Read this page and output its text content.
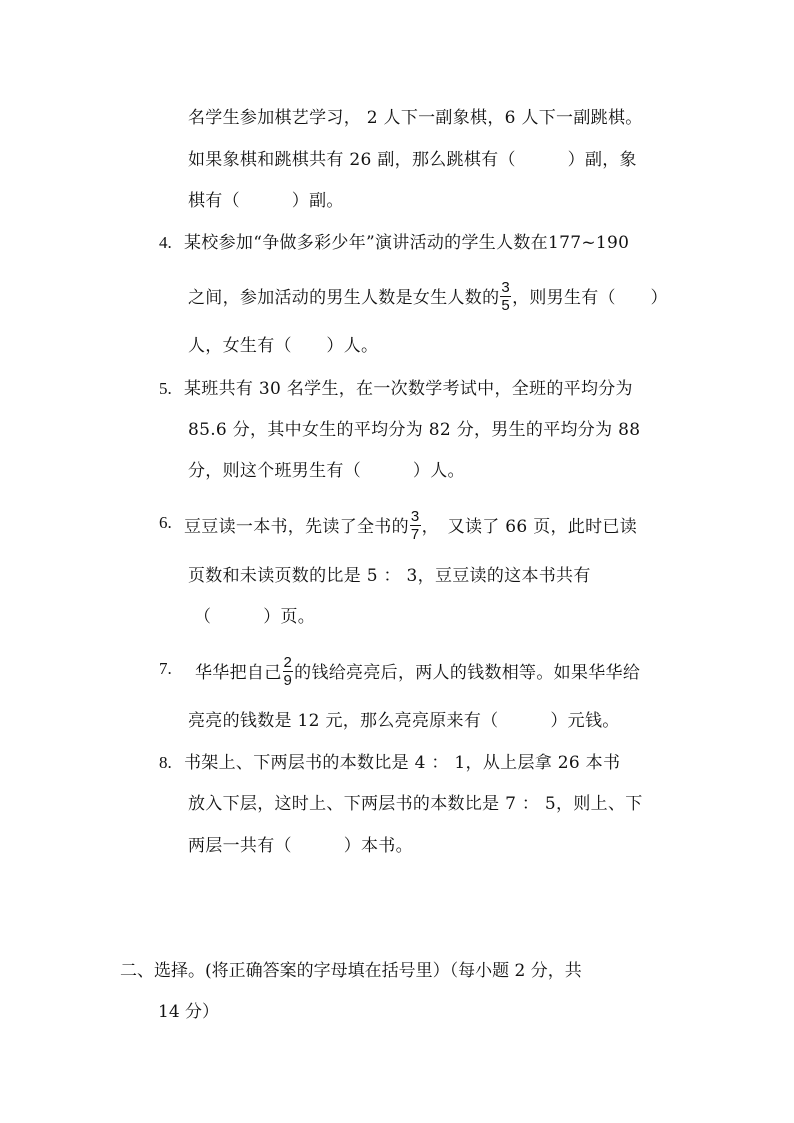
名学生参加棋艺学习， 2 人下一副象棋，6 人下一副跳棋。
如果象棋和跳棋共有 26 副，那么跳棋有（　　　）副，象
棋有（　　　）副。
4. 某校参加“争做多彩少年”演讲活动的学生人数在177~190
之间，参加活动的男生人数是女生人数的 $\frac{3}{5}$ ，则男生有（　　）
人，女生有（　　）人。
5. 某班共有 30 名学生，在一次数学考试中，全班的平均分为
85.6 分，其中女生的平均分为 82 分，男生的平均分为 88
分，则这个班男生有（　　　）人。
6. 豆豆读一本书，先读了全书的 $\frac{3}{7}$ ，　又读了 66 页，此时已读
页数和未读页数的比是 5 ： 3，豆豆读的这本书共有
（　　　）页。
7. 华华把自己 $\frac{2}{9}$ 的钱给亮亮后，两人的钱数相等。如果华华给
亮亮的钱数是 12 元，那么亮亮原来有（　　　）元钱。
8. 书架上、下两层书的本数比是 4 ： 1，从上层拿 26 本书
放入下层，这时上、下两层书的本数比是 7 ： 5，则上、下
两层一共有（　　　）本书。
二、选择。(将正确答案的字母填在括号里）（每小题 2 分，共
14 分）
